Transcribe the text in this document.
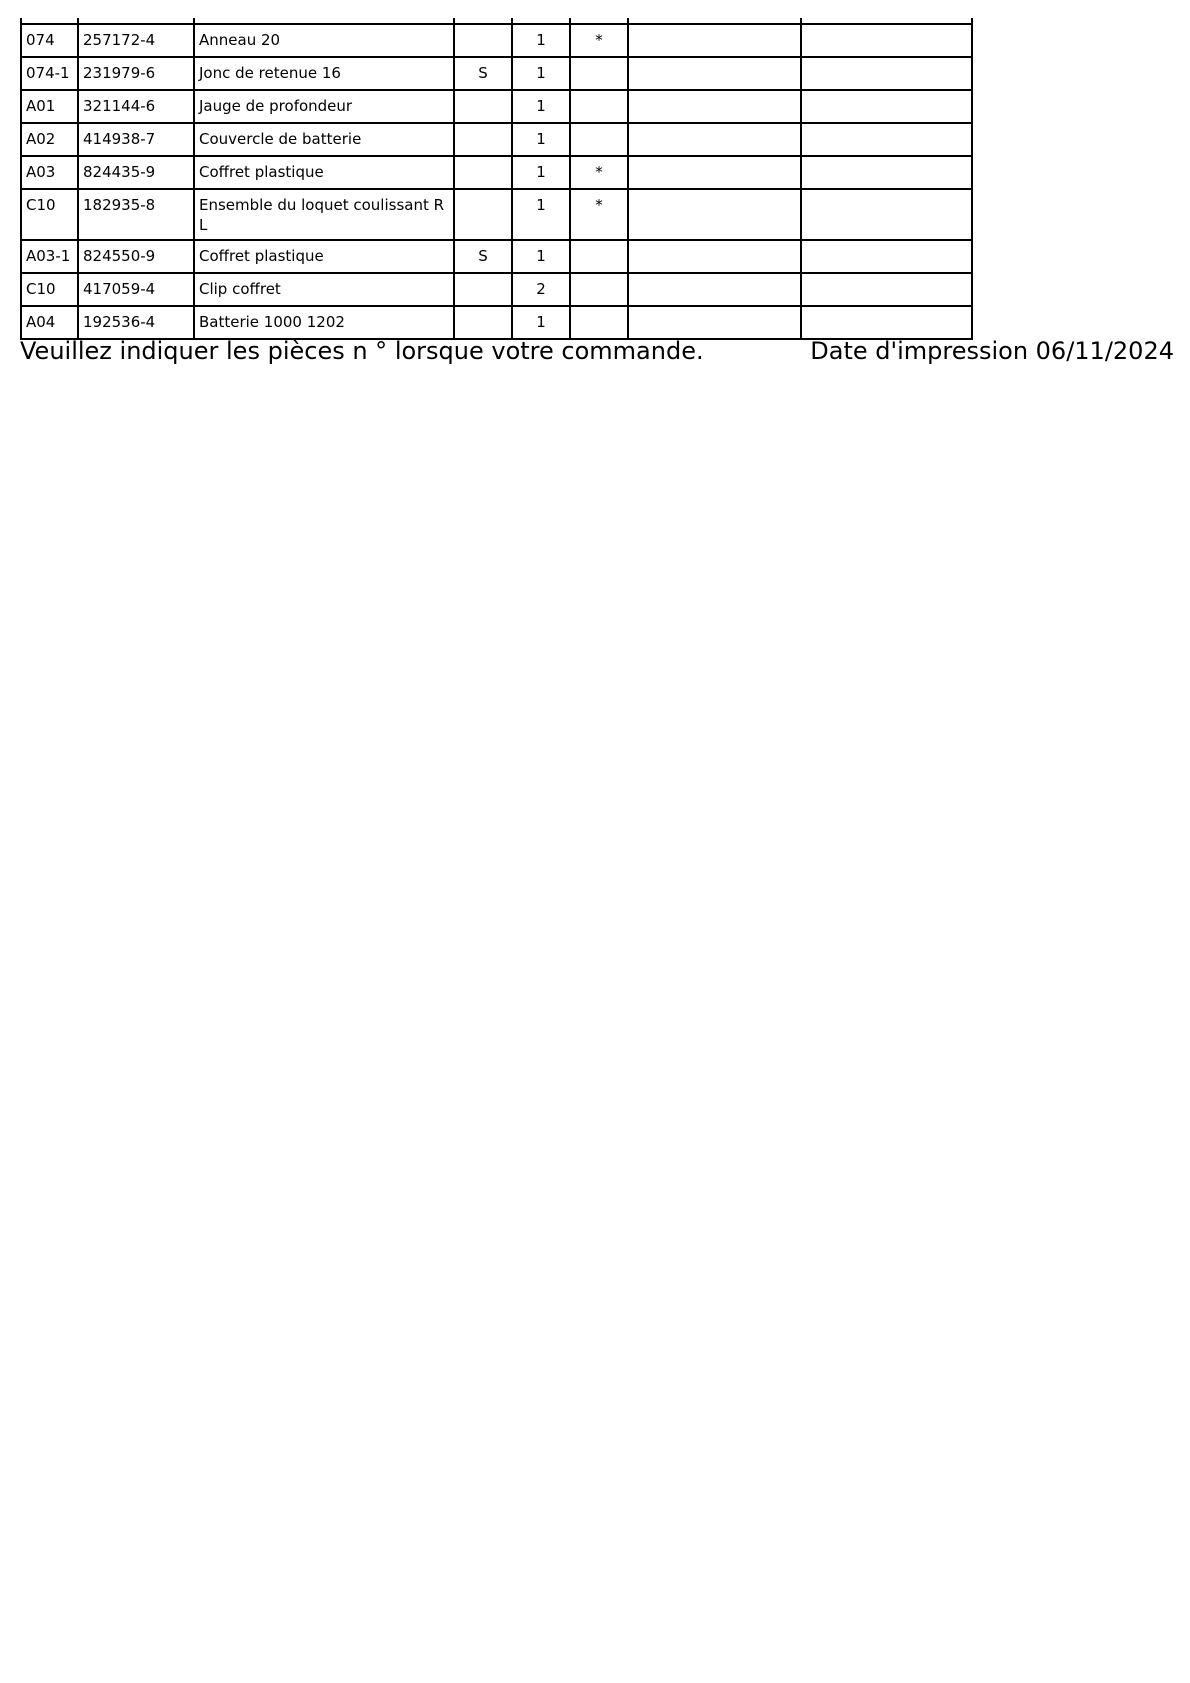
074	257172-4	Anneau 20		1	*		
074-1	231979-6	Jonc de retenue 16	S	1			
A01	321144-6	Jauge de profondeur		1			
A02	414938-7	Couvercle de batterie		1			
A03	824435-9	Coffret plastique		1	*		
C10	182935-8	Ensemble du loquet coulissant R L		1	*		
A03-1	824550-9	Coffret plastique	S	1			
C10	417059-4	Clip coffret		2			
A04	192536-4	Batterie 1000 1202		1			
Veuillez indiquer les pièces n ° lorsque votre commande.	Date d'impression 06/11/2024
